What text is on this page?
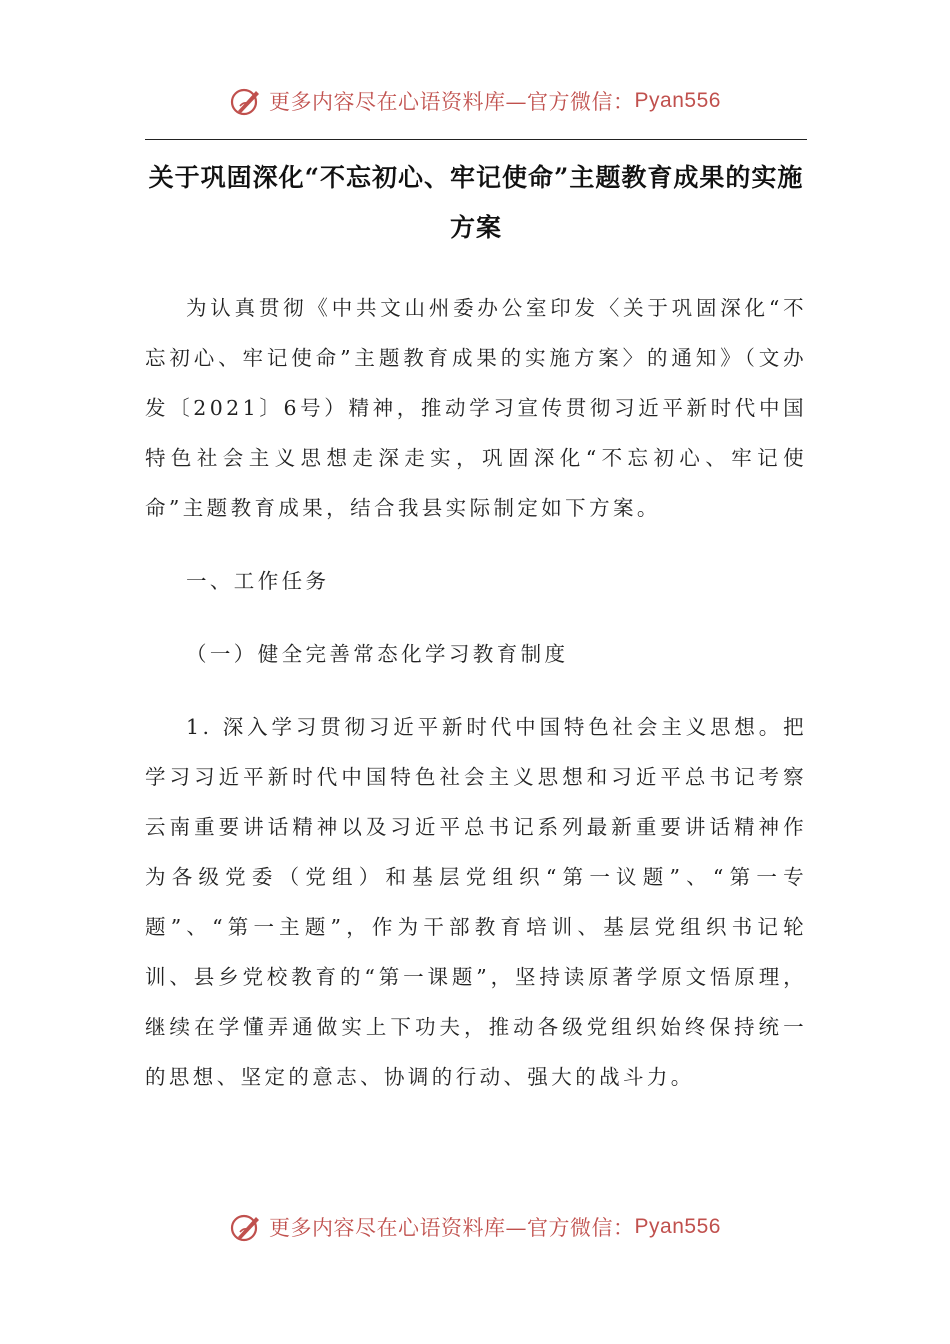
更多内容尽在心语资料库—官方微信： Pyan556
关于巩固深化“不忘初心、牢记使命”主题教育成果的实施方案

为认真贯彻《中共文山州委办公室印发〈关于巩固深化“不忘初心、牢记使命”主题教育成果的实施方案〉的通知》（文办发〔2021〕6号）精神，推动学习宣传贯彻习近平新时代中国特色社会主义思想走深走实，巩固深化“不忘初心、牢记使命”主题教育成果，结合我县实际制定如下方案。

一、工作任务

（一）健全完善常态化学习教育制度

1. 深入学习贯彻习近平新时代中国特色社会主义思想。把学习习近平新时代中国特色社会主义思想和习近平总书记考察云南重要讲话精神以及习近平总书记系列最新重要讲话精神作为各级党委（党组）和基层党组织“第一议题”、“第一专题”、“第一主题”，作为干部教育培训、基层党组织书记轮训、县乡党校教育的“第一课题”，坚持读原著学原文悟原理，继续在学懂弄通做实上下功夫，推动各级党组织始终保持统一的思想、坚定的意志、协调的行动、强大的战斗力。

更多内容尽在心语资料库—官方微信： Pyan556
